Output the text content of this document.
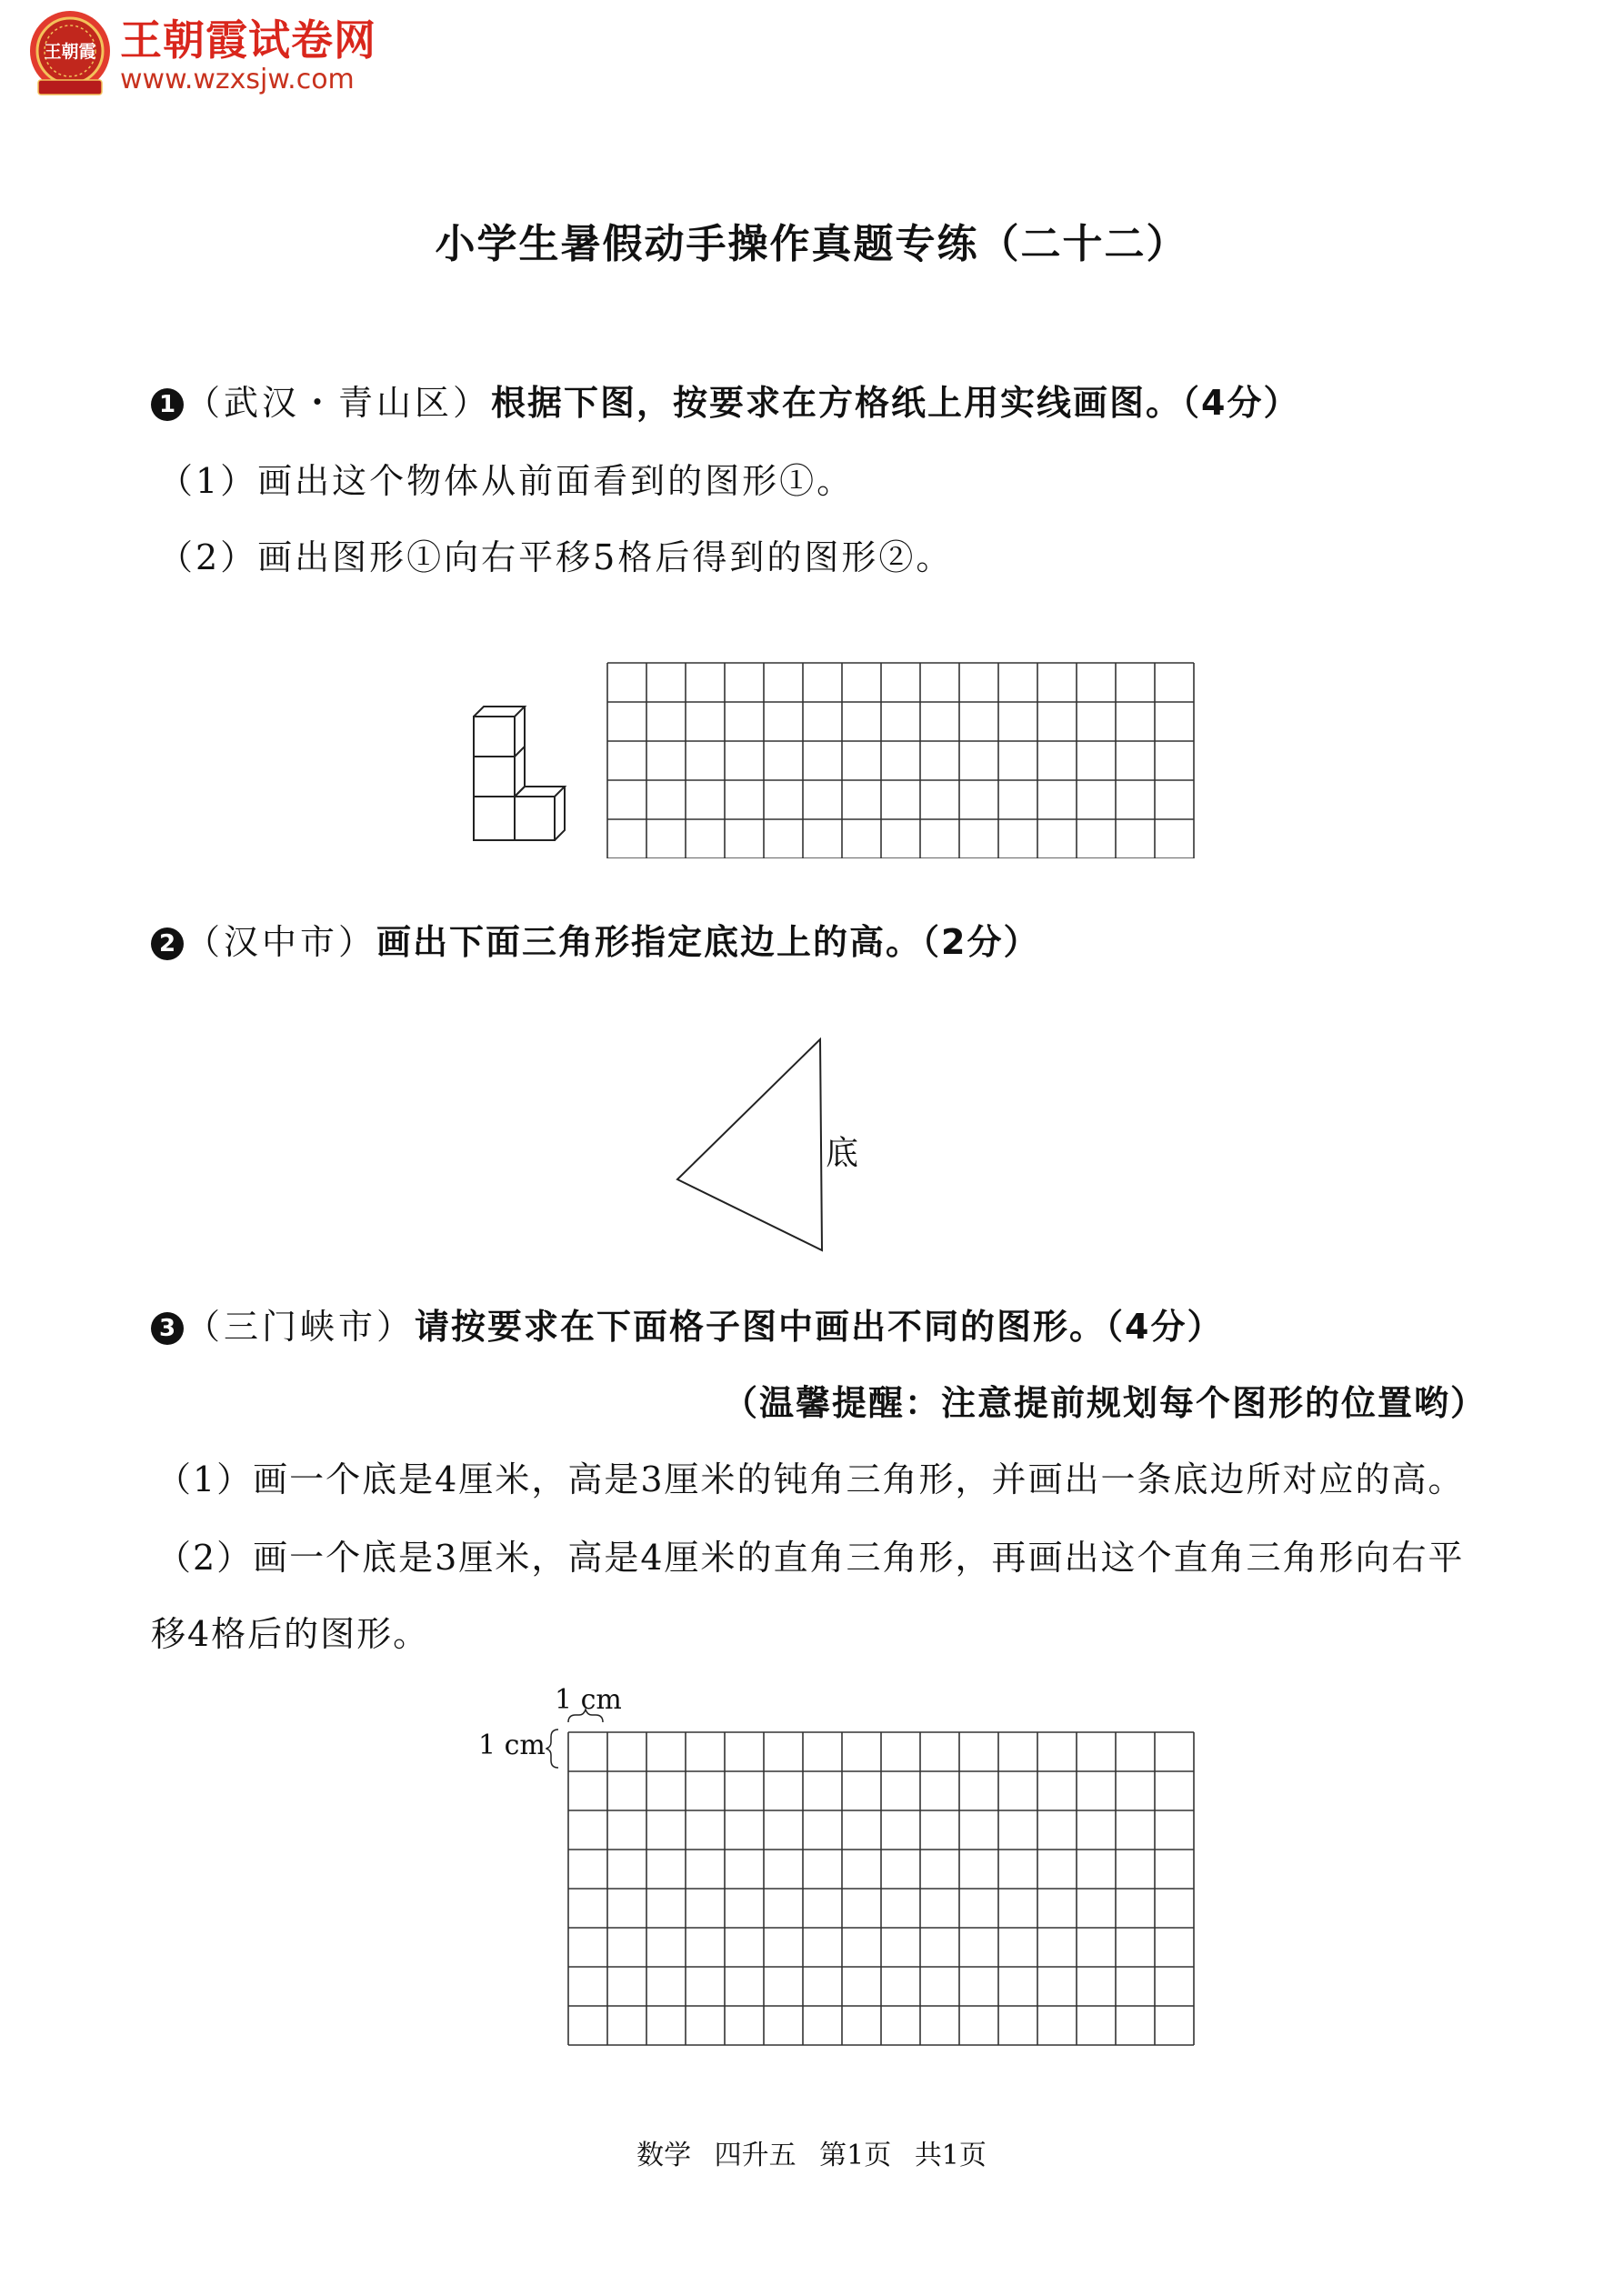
王朝霞 王朝霞试卷网
www.wzxsjw.com
小学生暑假动手操作真题专练（二十二）
1 （武汉・青山区）根据下图，按要求在方格纸上用实线画图。（4分）
（1）画出这个物体从前面看到的图形①。
（2）画出图形①向右平移5格后得到的图形②。
2 （汉中市）画出下面三角形指定底边上的高。（2分）
底
3 （三门峡市）请按要求在下面格子图中画出不同的图形。（4分）
（温馨提醒：注意提前规划每个图形的位置哟）
（1）画一个底是4厘米，高是3厘米的钝角三角形，并画出一条底边所对应的高。
（2）画一个底是3厘米，高是4厘米的直角三角形，再画出这个直角三角形向右平
移4格后的图形。
1 cm
1 cm
数学 四升五 第1页 共1页
